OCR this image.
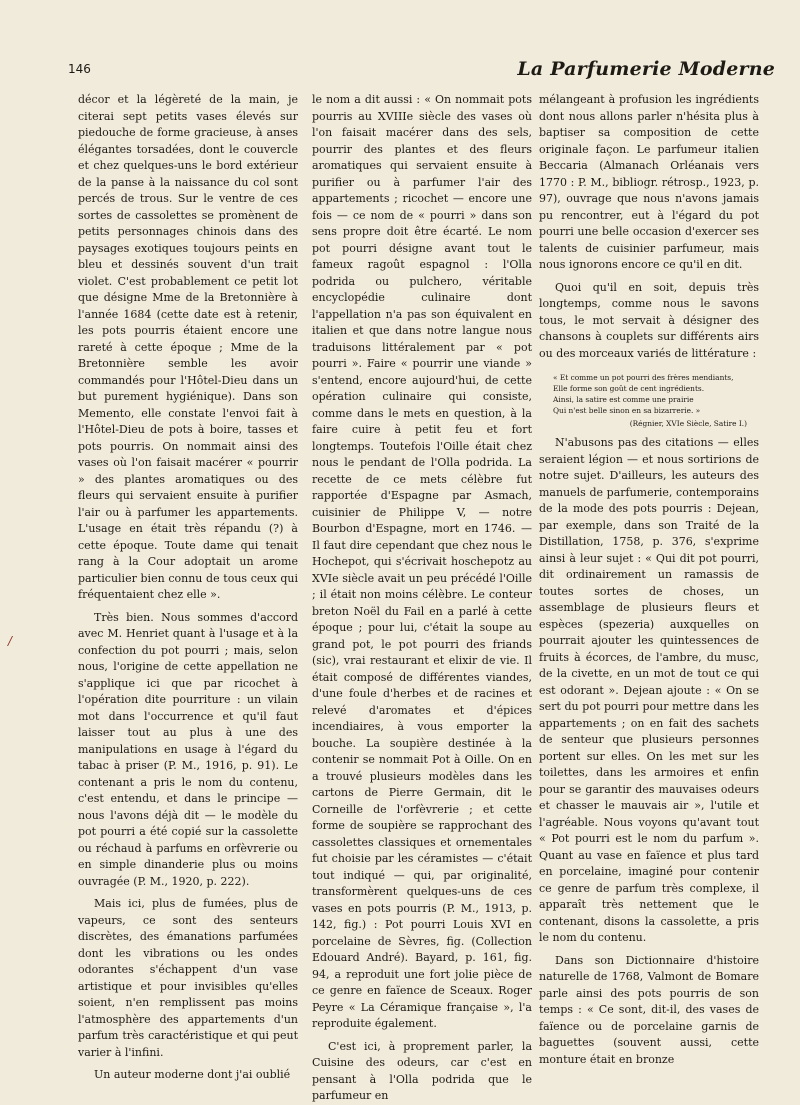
146	La Parfumerie Moderne
/

décor et la légèreté de la main, je citerai sept petits vases élevés sur piedouche de forme gracieuse, à anses élégantes torsadées, dont le couvercle et chez quelques-uns le bord extérieur de la panse à la naissance du col sont percés de trous. Sur le ventre de ces sortes de cassolettes se promènent de petits personnages chinois dans des paysages exotiques toujours peints en bleu et dessinés souvent d'un trait violet. C'est probablement ce petit lot que désigne Mme de la Bretonnière à l'année 1684 (cette date est à retenir, les pots pourris étaient encore une rareté à cette époque ; Mme de la Bretonnière semble les avoir commandés pour l'Hôtel-Dieu dans un but purement hygiénique). Dans son Memento, elle constate l'envoi fait à l'Hôtel-Dieu de pots à boire, tasses et pots pourris. On nommait ainsi des vases où l'on faisait macérer « pourrir » des plantes aromatiques ou des fleurs qui servaient ensuite à purifier l'air ou à parfumer les appartements. L'usage en était très répandu (?) à cette époque. Toute dame qui tenait rang à la Cour adoptait un arome particulier bien connu de tous ceux qui fréquentaient chez elle ».

Très bien. Nous sommes d'accord avec M. Henriet quant à l'usage et à la confection du pot pourri ; mais, selon nous, l'origine de cette appellation ne s'applique ici que par ricochet à l'opération dite pourriture : un vilain mot dans l'occurrence et qu'il faut laisser tout au plus à une des manipulations en usage à l'égard du tabac à priser (P. M., 1916, p. 91). Le contenant a pris le nom du contenu, c'est entendu, et dans le principe — nous l'avons déjà dit — le modèle du pot pourri a été copié sur la cassolette ou réchaud à parfums en orfèvrerie ou en simple dinanderie plus ou moins ouvragée (P. M., 1920, p. 222).

Mais ici, plus de fumées, plus de vapeurs, ce sont des senteurs discrètes, des émanations parfumées dont les vibrations ou les ondes odorantes s'échappent d'un vase artistique et pour invisibles qu'elles soient, n'en remplissent pas moins l'atmosphère des appartements d'un parfum très caractéristique et qui peut varier à l'infini.

Un auteur moderne dont j'ai oublié

le nom a dit aussi : « On nommait pots pourris au XVIIIe siècle des vases où l'on faisait macérer dans des sels, pourrir des plantes et des fleurs aromatiques qui servaient ensuite à purifier ou à parfumer l'air des appartements ; ricochet — encore une fois — ce nom de « pourri » dans son sens propre doit être écarté. Le nom pot pourri désigne avant tout le fameux ragoût espagnol : l'Olla podrida ou pulchero, véritable encyclopédie culinaire dont l'appellation n'a pas son équivalent en italien et que dans notre langue nous traduisons littéralement par « pot pourri ». Faire « pourrir une viande » s'entend, encore aujourd'hui, de cette opération culinaire qui consiste, comme dans le mets en question, à la faire cuire à petit feu et fort longtemps. Toutefois l'Oille était chez nous le pendant de l'Olla podrida. La recette de ce mets célèbre fut rapportée d'Espagne par Asmach, cuisinier de Philippe V, — notre Bourbon d'Espagne, mort en 1746. — Il faut dire cependant que chez nous le Hochepot, qui s'écrivait hoschepotz au XVIe siècle avait un peu précédé l'Oille ; il était non moins célèbre. Le conteur breton Noël du Fail en a parlé à cette époque ; pour lui, c'était la soupe au grand pot, le pot pourri des friands (sic), vrai restaurant et elixir de vie. Il était composé de différentes viandes, d'une foule d'herbes et de racines et relevé d'aromates et d'épices incendiaires, à vous emporter la bouche. La soupière destinée à la contenir se nommait Pot à Oille. On en a trouvé plusieurs modèles dans les cartons de Pierre Germain, dit le Corneille de l'orfèvrerie ; et cette forme de soupière se rapprochant des cassolettes classiques et ornementales fut choisie par les céramistes — c'était tout indiqué — qui, par originalité, transformèrent quelques-uns de ces vases en pots pourris (P. M., 1913, p. 142, fig.) : Pot pourri Louis XVI en porcelaine de Sèvres, fig. (Collection Edouard André). Bayard, p. 161, fig. 94, a reproduit une fort jolie pièce de ce genre en faïence de Sceaux. Roger Peyre « La Céramique française », l'a reproduite également.

C'est ici, à proprement parler, la Cuisine des odeurs, car c'est en pensant à l'Olla podrida que le parfumeur en

mélangeant à profusion les ingrédients dont nous allons parler n'hésita plus à baptiser sa composition de cette originale façon. Le parfumeur italien Beccaria (Almanach Orléanais vers 1770 : P. M., bibliogr. rétrosp., 1923, p. 97), ouvrage que nous n'avons jamais pu rencontrer, eut à l'égard du pot pourri une belle occasion d'exercer ses talents de cuisinier parfumeur, mais nous ignorons encore ce qu'il en dit.

Quoi qu'il en soit, depuis très longtemps, comme nous le savons tous, le mot servait à désigner des chansons à couplets sur différents airs ou des morceaux variés de littérature :

« Et comme un pot pourri des frères mendiants,
Elle forme son goût de cent ingrédients.
Ainsi, la satire est comme une prairie
Qui n'est belle sinon en sa bizarrerie. »
(Régnier, XVIe Siècle, Satire I.)

N'abusons pas des citations — elles seraient légion — et nous sortirions de notre sujet. D'ailleurs, les auteurs des manuels de parfumerie, contemporains de la mode des pots pourris : Dejean, par exemple, dans son Traité de la Distillation, 1758, p. 376, s'exprime ainsi à leur sujet : « Qui dit pot pourri, dit ordinairement un ramassis de toutes sortes de choses, un assemblage de plusieurs fleurs et espèces (spezeria) auxquelles on pourrait ajouter les quintessences de fruits à écorces, de l'ambre, du musc, de la civette, en un mot de tout ce qui est odorant ». Dejean ajoute : « On se sert du pot pourri pour mettre dans les appartements ; on en fait des sachets de senteur que plusieurs personnes portent sur elles. On les met sur les toilettes, dans les armoires et enfin pour se garantir des mauvaises odeurs et chasser le mauvais air », l'utile et l'agréable. Nous voyons qu'avant tout « Pot pourri est le nom du parfum ». Quant au vase en faïence et plus tard en porcelaine, imaginé pour contenir ce genre de parfum très complexe, il apparaît très nettement que le contenant, disons la cassolette, a pris le nom du contenu.

Dans son Dictionnaire d'histoire naturelle de 1768, Valmont de Bomare parle ainsi des pots pourris de son temps : « Ce sont, dit-il, des vases de faïence ou de porcelaine garnis de baguettes (souvent aussi, cette monture était en bronze
